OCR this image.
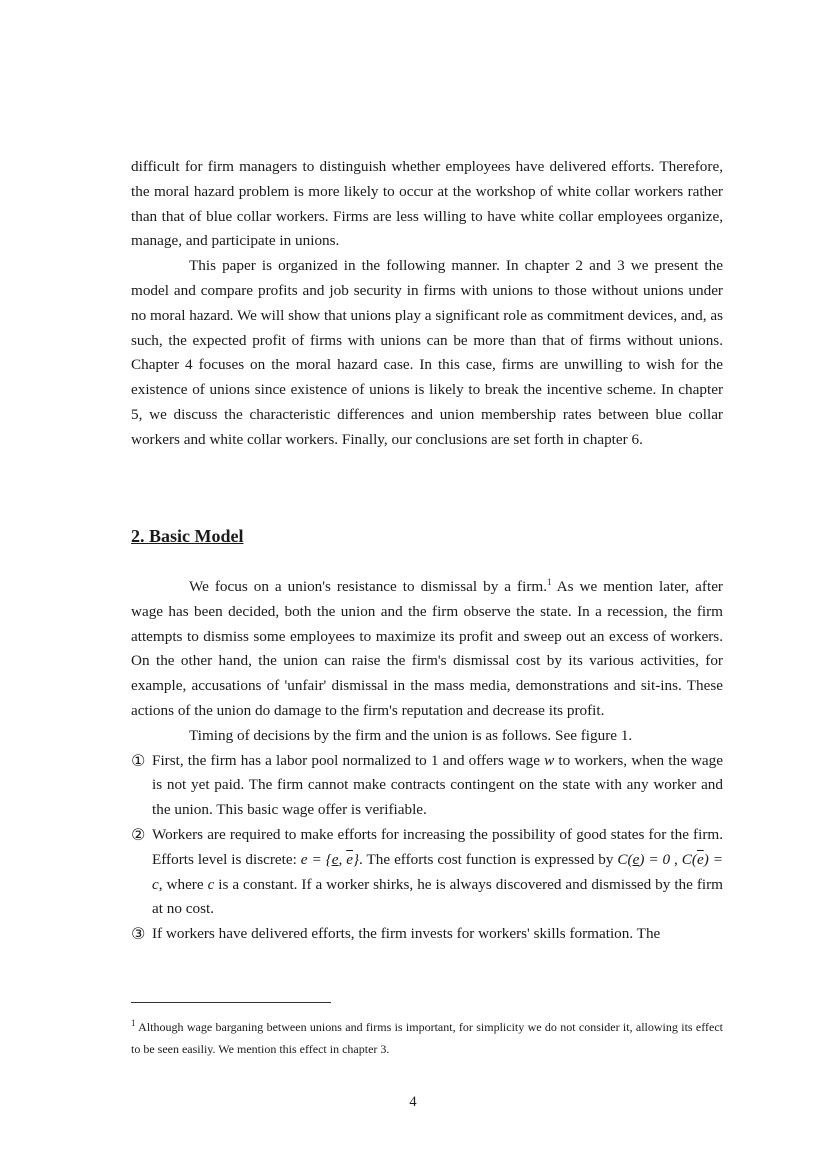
difficult for firm managers to distinguish whether employees have delivered efforts. Therefore, the moral hazard problem is more likely to occur at the workshop of white collar workers rather than that of blue collar workers. Firms are less willing to have white collar employees organize, manage, and participate in unions.

This paper is organized in the following manner. In chapter 2 and 3 we present the model and compare profits and job security in firms with unions to those without unions under no moral hazard. We will show that unions play a significant role as commitment devices, and, as such, the expected profit of firms with unions can be more than that of firms without unions. Chapter 4 focuses on the moral hazard case. In this case, firms are unwilling to wish for the existence of unions since existence of unions is likely to break the incentive scheme. In chapter 5, we discuss the characteristic differences and union membership rates between blue collar workers and white collar workers. Finally, our conclusions are set forth in chapter 6.

2. Basic Model

We focus on a union's resistance to dismissal by a firm.$^1$ As we mention later, after wage has been decided, both the union and the firm observe the state. In a recession, the firm attempts to dismiss some employees to maximize its profit and sweep out an excess of workers. On the other hand, the union can raise the firm's dismissal cost by its various activities, for example, accusations of 'unfair' dismissal in the mass media, demonstrations and sit-ins. These actions of the union do damage to the firm's reputation and decrease its profit.

Timing of decisions by the firm and the union is as follows. See figure 1.

① First, the firm has a labor pool normalized to 1 and offers wage w to workers, when the wage is not yet paid. The firm cannot make contracts contingent on the state with any worker and the union. This basic wage offer is verifiable.
② Workers are required to make efforts for increasing the possibility of good states for the firm. Efforts level is discrete: e = {e, $\overline{e}$}. The efforts cost function is expressed by C(e) = 0 , $C(\overline{e}) = c$, where c is a constant. If a worker shirks, he is always discovered and dismissed by the firm at no cost.
③ If workers have delivered efforts, the firm invests for workers' skills formation. The

$^1$ Although wage barganing between unions and firms is important, for simplicity we do not consider it, allowing its effect to be seen easiliy. We mention this effect in chapter 3.

4
